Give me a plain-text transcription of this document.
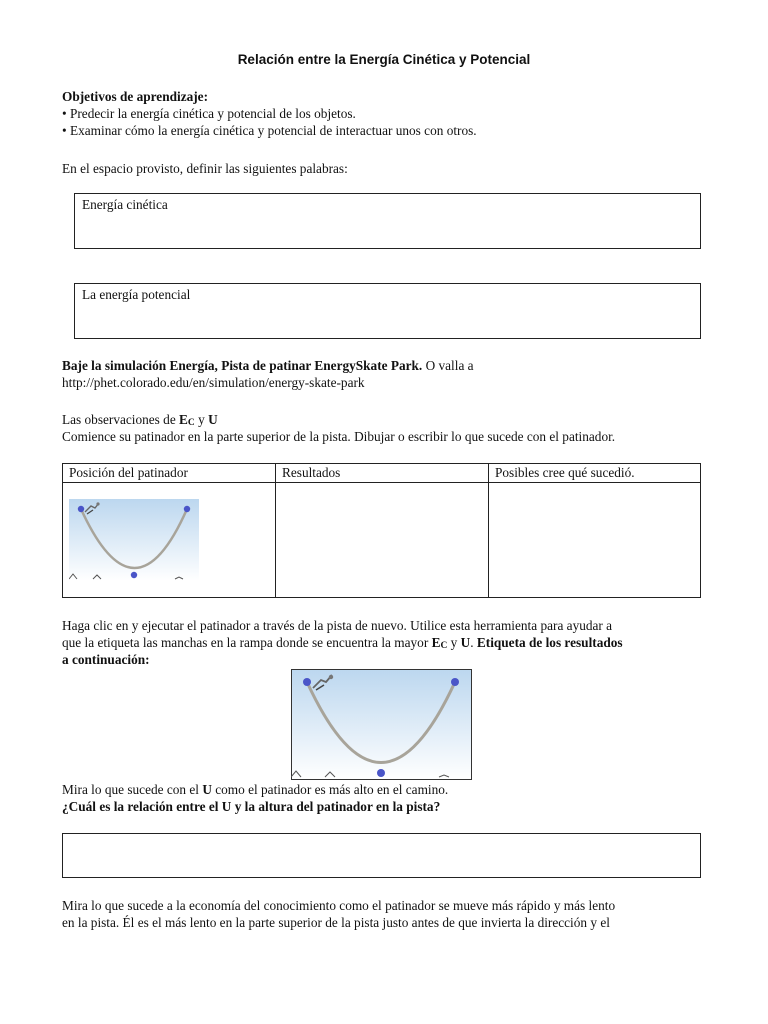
Relación entre la Energía Cinética y Potencial
Objetivos de aprendizaje:
• Predecir la energía cinética y potencial de los objetos.
• Examinar cómo la energía cinética y potencial de interactuar unos con otros.
En el espacio provisto, definir las siguientes palabras:
Energía cinética
La energía potencial
Baje la simulación Energía, Pista de patinar EnergySkate Park. O valla a
http://phet.colorado.edu/en/simulation/energy-skate-park
Las observaciones de EC y U
Comience su patinador en la parte superior de la pista. Dibujar o escribir lo que sucede con el patinador.
Posición del patinador	Resultados	Posibles cree qué sucedió.

Haga clic en y ejecutar el patinador a través de la pista de nuevo. Utilice esta herramienta para ayudar a
que la etiqueta las manchas en la rampa donde se encuentra la mayor EC y U. Etiqueta de los resultados
a continuación:
Mira lo que sucede con el U como el patinador es más alto en el camino.
¿Cuál es la relación entre el U y la altura del patinador en la pista?
Mira lo que sucede a la economía del conocimiento como el patinador se mueve más rápido y más lento
en la pista. Él es el más lento en la parte superior de la pista justo antes de que invierta la dirección y el
